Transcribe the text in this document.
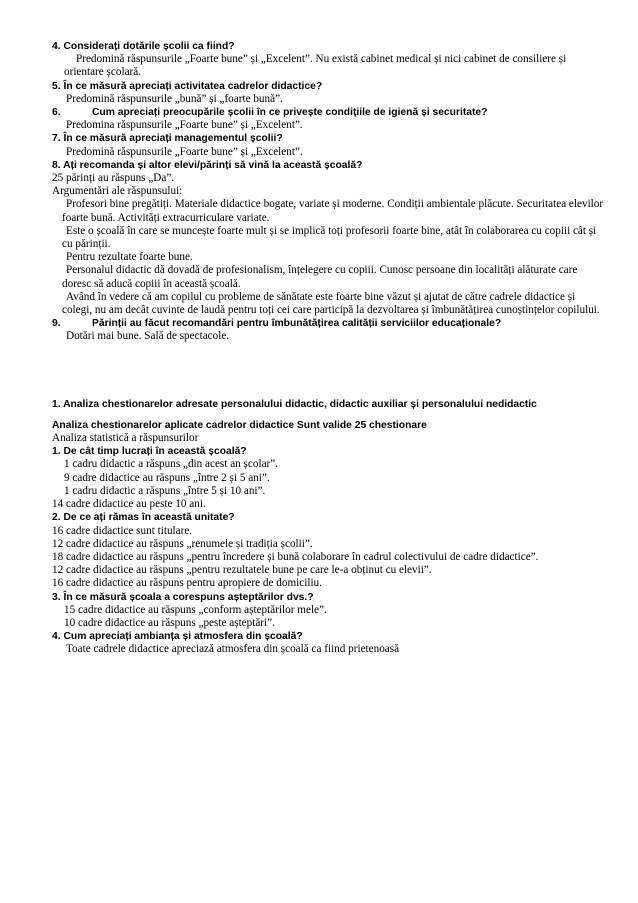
4. Considerați dotările școlii ca fiind?

Predomină răspunsurile „Foarte bune” și „Excelent”. Nu există cabinet medical și nici cabinet de consiliere și orientare școlară.

5. În ce măsură apreciați activitatea cadrelor didactice?

Predomină răspunsurile „bună” și „foarte bună”.

6.	Cum apreciați preocupările școlii în ce privește condițiile de igienă și securitate?

Predomina răspunsurile „Foarte bune” și „Excelent”.

7. În ce măsură apreciați managementul școlii?

Predomină răspunsurile „Foarte bune” și „Excelent”.

8. Ați recomanda și altor elevi/părinți să vină la această școală?

25 părinți au răspuns „Da”.

Argumentări ale răspunsului:

Profesori bine pregătiți. Materiale didactice bogate, variate și moderne. Condiții ambientale plăcute. Securitatea elevilor foarte bună. Activități extracurriculare variate.

Este o școală în care se muncește foarte mult și se implică toți profesorii foarte bine, atât în colaborarea cu copiii cât și cu părinții.

Pentru rezultate foarte bune.

Personalul didactic dă dovadă de profesionalism, înțelegere cu copiii. Cunosc persoane din localități alăturate care doresc să aducă copiii în această școală.

Având în vedere că am copilul cu probleme de sănătate este foarte bine văzut și ajutat de către cadrele didactice și colegi, nu am decât cuvinte de laudă pentru toți cei care participă la dezvoltarea și îmbunătățirea cunoștințelor copilului.

9.	Părinții au făcut recomandări pentru îmbunătățirea calității serviciilor educaționale?

Dotări mai bune. Sală de spectacole.

1. Analiza chestionarelor adresate personalului didactic, didactic auxiliar și personalului nedidactic

Analiza chestionarelor aplicate cadrelor didactice Sunt valide 25 chestionare

Analiza statistică a răspunsurilor

1. De cât timp lucrați în această școală?

1 cadru didactic a răspuns „din acest an școlar”.

9 cadre didactice au răspuns „între 2 și 5 ani”.

1 cadru didactic a răspuns „între 5 și 10 ani”.

14 cadre didactice au peste 10 ani.

2. De ce ați rămas în această unitate?

16 cadre didactice sunt titulare.

12 cadre didactice au răspuns „renumele și tradiția școlii”.

18 cadre didactice au răspuns „pentru încredere și bună colaborare în cadrul colectivului de cadre didactice”.

12 cadre didactice au răspuns „pentru rezultatele bune pe care le-a obținut cu elevii”.

16 cadre didactice au răspuns pentru apropiere de domiciliu.

3. În ce măsură școala a corespuns așteptărilor dvs.?

15 cadre didactice au răspuns „conform așteptărilor mele”.

10 cadre didactice au răspuns „peste așteptări”.

4. Cum apreciați ambianța și atmosfera din școală?

Toate cadrele didactice apreciază atmosfera din școală ca fiind prietenoasă
